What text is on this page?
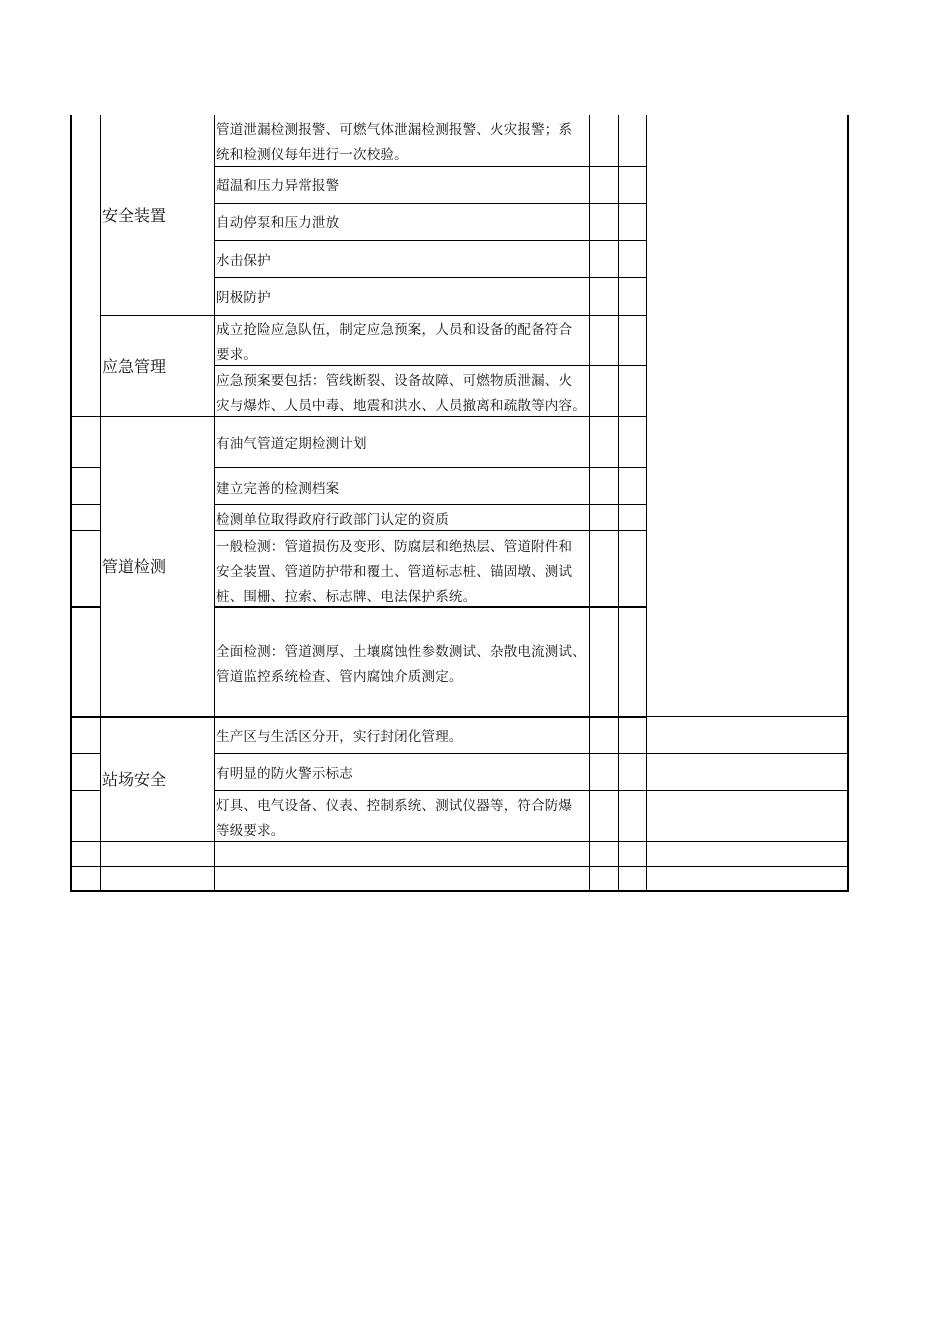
安全装置
应急管理
管道检测
站场安全
管道泄漏检测报警、可燃气体泄漏检测报警、火灾报警；系
统和检测仪每年进行一次校验。
超温和压力异常报警
自动停泵和压力泄放
水击保护
阴极防护
成立抢险应急队伍，制定应急预案，人员和设备的配备符合
要求。
应急预案要包括：管线断裂、设备故障、可燃物质泄漏、火
灾与爆炸、人员中毒、地震和洪水、人员撤离和疏散等内容。
有油气管道定期检测计划
建立完善的检测档案
检测单位取得政府行政部门认定的资质
一般检测：管道损伤及变形、防腐层和绝热层、管道附件和
安全装置、管道防护带和覆土、管道标志桩、锚固墩、测试
桩、围栅、拉索、标志牌、电法保护系统。
全面检测：管道测厚、土壤腐蚀性参数测试、杂散电流测试、
管道监控系统检查、管内腐蚀介质测定。
生产区与生活区分开，实行封闭化管理。
有明显的防火警示标志
灯具、电气设备、仪表、控制系统、测试仪器等，符合防爆
等级要求。
